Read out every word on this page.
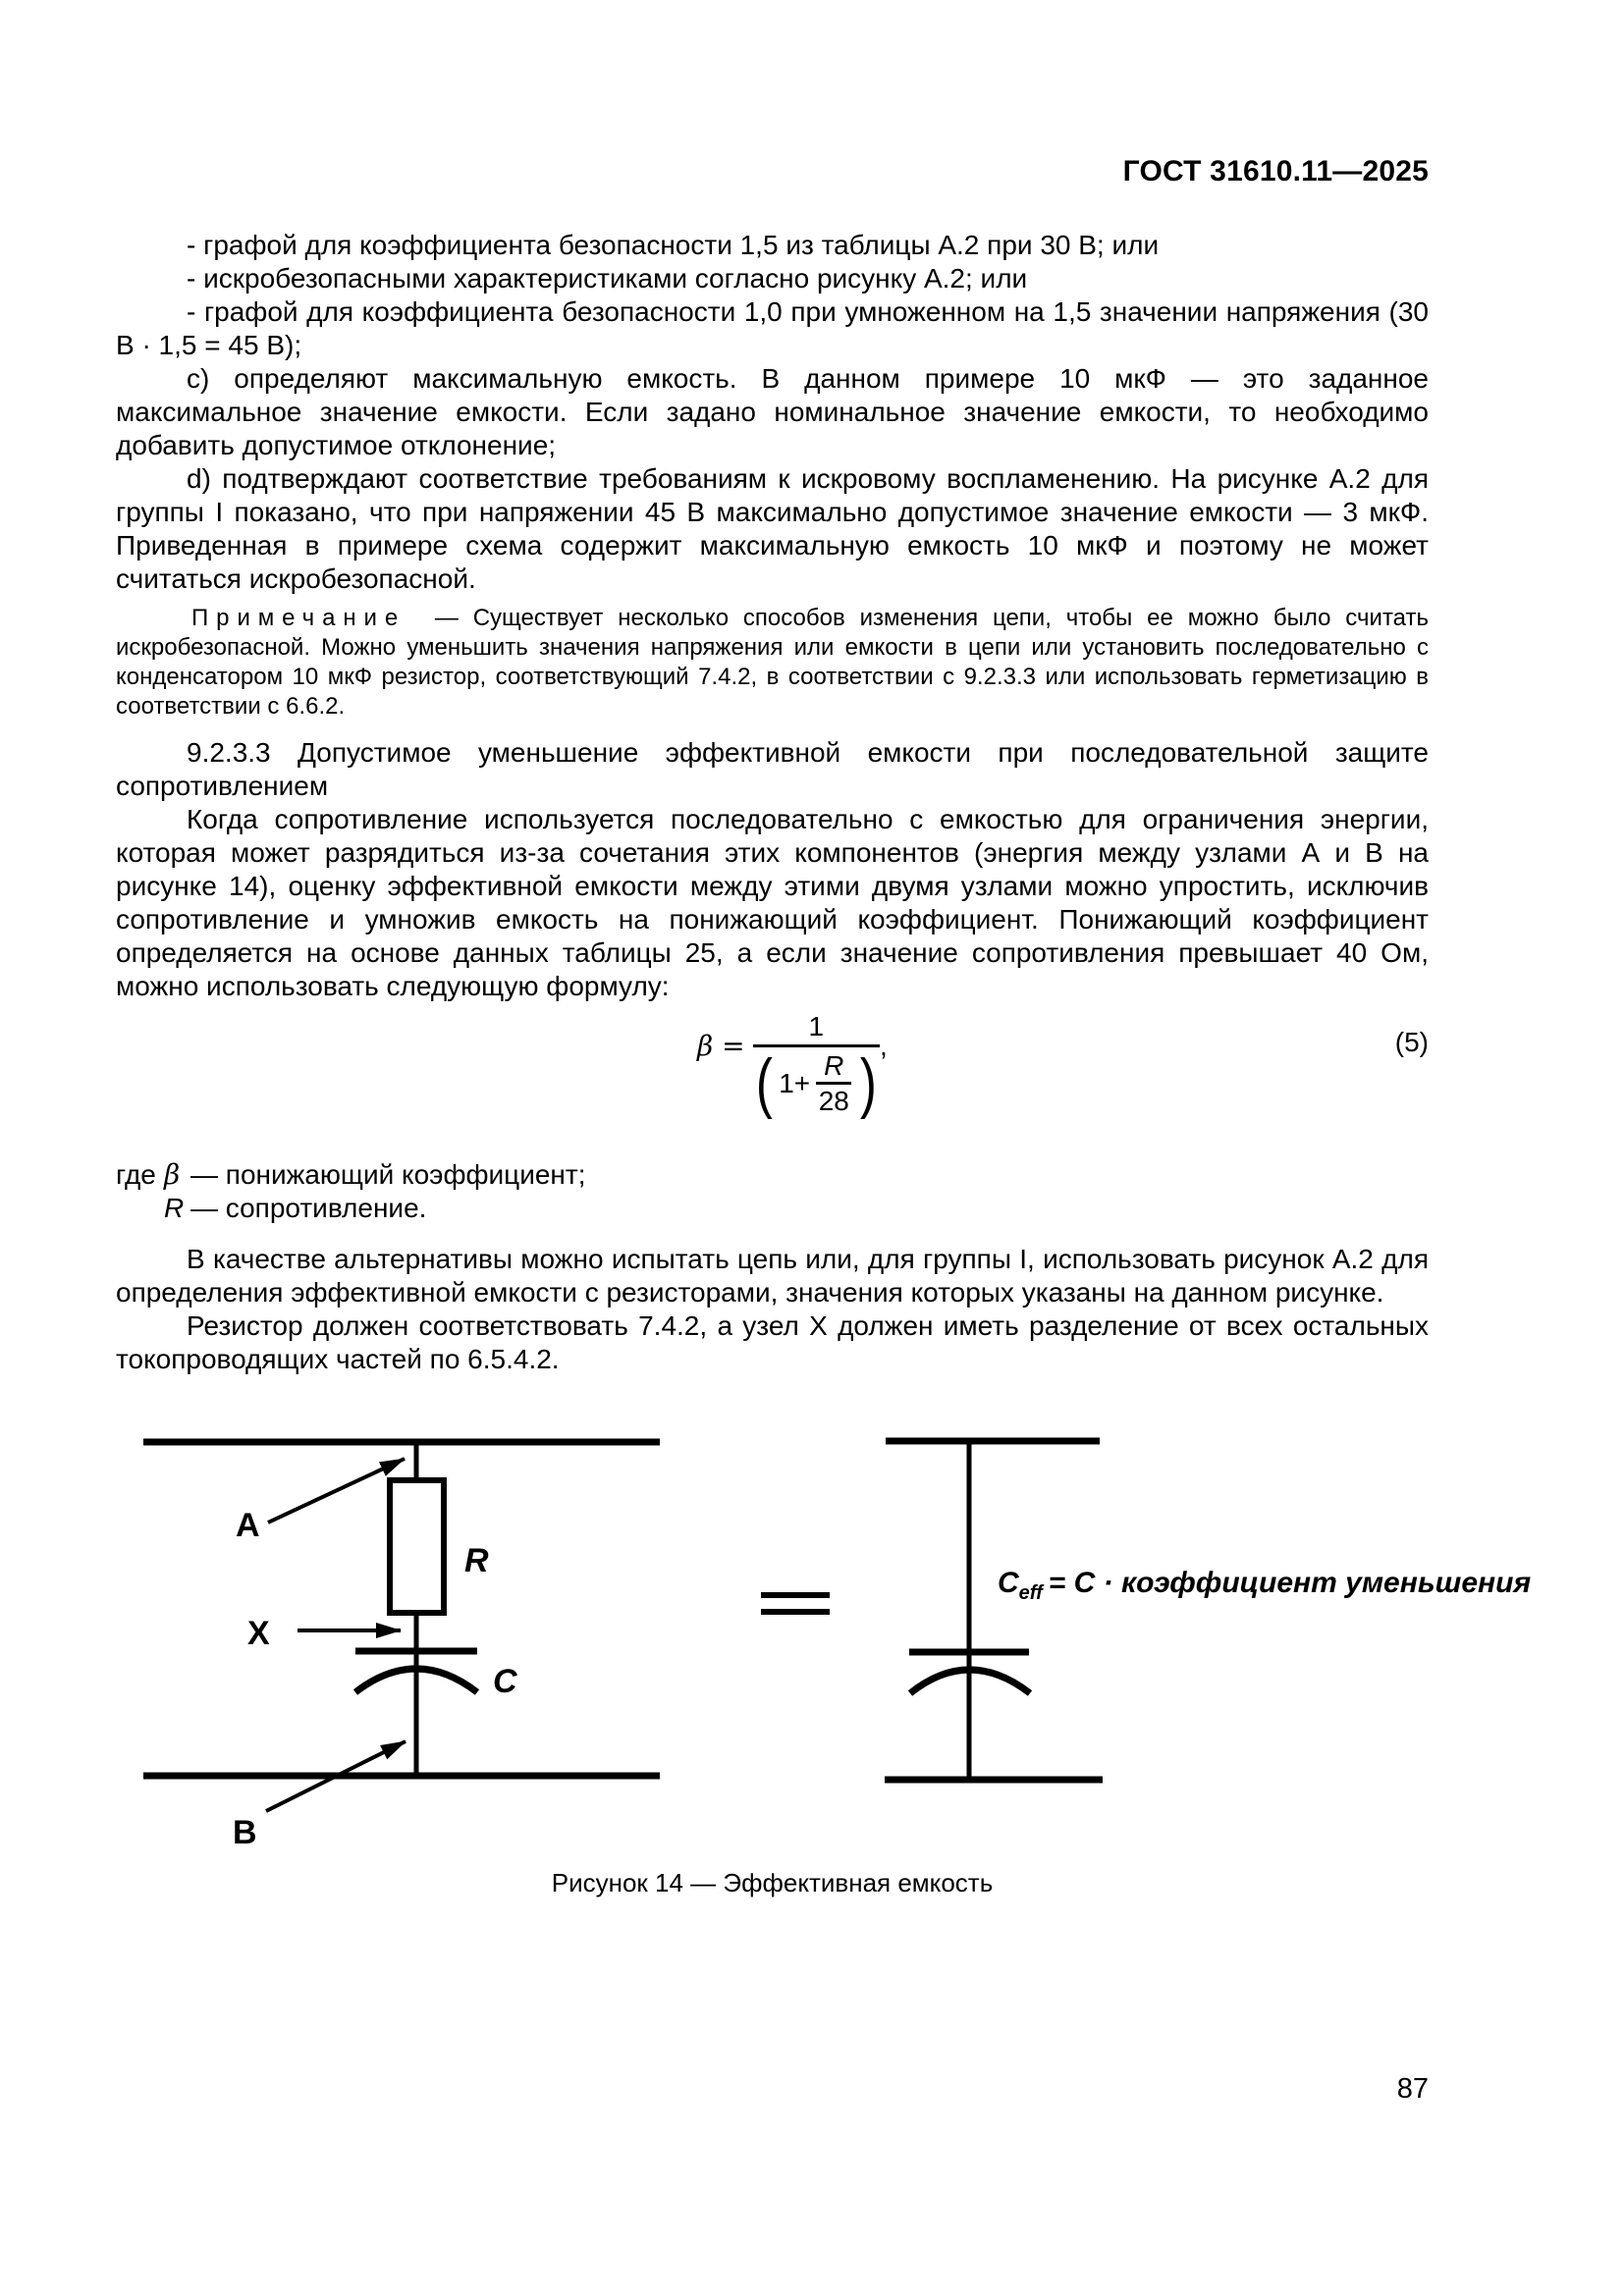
ГОСТ 31610.11—2025

- графой для коэффициента безопасности 1,5 из таблицы А.2 при 30 В; или

- искробезопасными характеристиками согласно рисунку А.2; или

- графой для коэффициента безопасности 1,0 при умноженном на 1,5 значении напряжения (30 В · 1,5 = 45 В);

c) определяют максимальную емкость. В данном примере 10 мкФ — это заданное максимальное значение емкости. Если задано номинальное значение емкости, то необходимо добавить допустимое отклонение;

d) подтверждают соответствие требованиям к искровому воспламенению. На рисунке А.2 для группы I показано, что при напряжении 45 В максимально допустимое значение емкости — 3 мкФ. Приведенная в примере схема содержит максимальную емкость 10 мкФ и поэтому не может считаться искробезопасной.

Примечание — Существует несколько способов изменения цепи, чтобы ее можно было считать искробезопасной. Можно уменьшить значения напряжения или емкости в цепи или установить последовательно с конденсатором 10 мкФ резистор, соответствующий 7.4.2, в соответствии с 9.2.3.3 или использовать герметизацию в соответствии с 6.6.2.

9.2.3.3 Допустимое уменьшение эффективной емкости при последовательной защите сопротивлением

Когда сопротивление используется последовательно с емкостью для ограничения энергии, которая может разрядиться из-за сочетания этих компонентов (энергия между узлами А и В на рисунке 14), оценку эффективной емкости между этими двумя узлами можно упростить, исключив сопротивление и умножив емкость на понижающий коэффициент. Понижающий коэффициент определяется на основе данных таблицы 25, а если значение сопротивления превышает 40 Ом, можно использовать следующую формулу:

β =
1
( $1+ \frac{R}{28}$ ) ,	(5)
где β — понижающий коэффициент;
R — сопротивление.

В качестве альтернативы можно испытать цепь или, для группы I, использовать рисунок А.2 для определения эффективной емкости с резисторами, значения которых указаны на данном рисунке.

Резистор должен соответствовать 7.4.2, а узел X должен иметь разделение от всех остальных токопроводящих частей по 6.5.4.2.

A
X
B
R
C
$C_{eff} = C$ · коэффициент уменьшения
Рисунок 14 — Эффективная емкость
87
